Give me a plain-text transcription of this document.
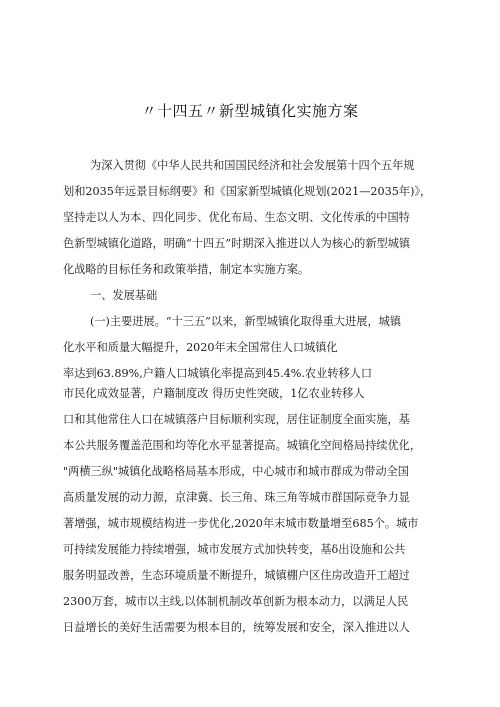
〃十四五〃新型城镇化实施方案
为深入贯彻《中华人民共和国国民经济和社会发展第十四个五年规
划和2035年远景目标纲要》和《国家新型城镇化规划(2021—2035年)》，
坚持走以人为本、四化同步、优化布局、生态文明、文化传承的中国特
色新型城镇化道路，明确“十四五”时期深入推进以人为核心的新型城镇
化战略的目标任务和政策举措，制定本实施方案。
一、发展基础
(一)主要进展。“十三五”以来，新型城镇化取得重大进展，城镇
化水平和质量大幅提升，2020年末全国常住人口城镇化
率达到63.89%,户籍人口城镇化率提高到45.4%.农业转移人口
市民化成效显著，户籍制度改 得历史性突破，1亿农业转移人
口和其他常住人口在城镇落户目标顺利实现，居住证制度全面实施，基
本公共服务覆盖范围和均等化水平显著提高。城镇化空间格局持续优化，
"两横三纵"城镇化战略格局基本形成，中心城市和城市群成为带动全国
高质量发展的动力源，京津冀、长三角、珠三角等城市群国际竞争力显
著增强，城市规模结构进一步优化,2020年末城市数量增至685个。城市
可持续发展能力持续增强，城市发展方式加快转变，基δ出设施和公共
服务明显改善，生态环境质量不断提升，城镇棚户区住房改造开工超过
2300万套，城市以主线,以体制机制改革创新为根本动力，以满足人民
日益增长的美好生活需要为根本目的，统筹发展和安全，深入推进以人
